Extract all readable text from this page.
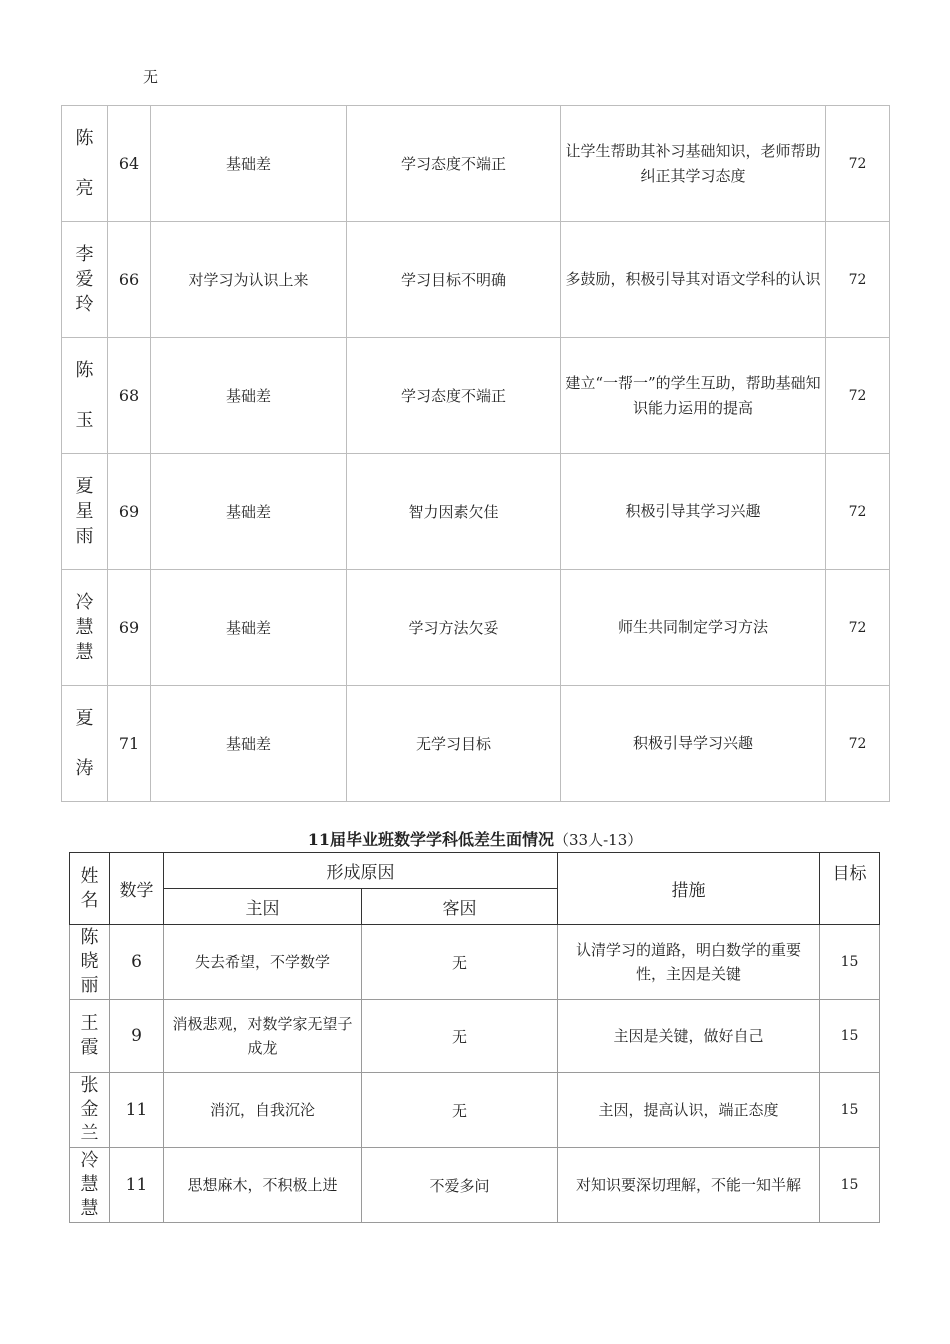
无
陈
亮	64	基础差	学习态度不端正	让学生帮助其补习基础知识，老师帮助纠正其学习态度	72
李
爱
玲	66	对学习为认识上来	学习目标不明确	多鼓励，积极引导其对语文学科的认识	72
陈
玉	68	基础差	学习态度不端正	建立“一帮一”的学生互助，帮助基础知识能力运用的提高	72
夏
星
雨	69	基础差	智力因素欠佳	积极引导其学习兴趣	72
冷
慧
慧	69	基础差	学习方法欠妥	师生共同制定学习方法	72
夏
涛	71	基础差	无学习目标	积极引导学习兴趣	72
11届毕业班数学学科低差生面情况（33人-13）
姓
名	数学	形成原因		措施	目标
		主因	客因		
陈
晓
丽	6	失去希望，不学数学	无	认清学习的道路，明白数学的重要性，主因是关键	15
王
霞	9	消极悲观，对数学家无望子成龙	无	主因是关键，做好自己	15
张
金
兰	11	消沉，自我沉沦	无	主因，提高认识，端正态度	15
冷
慧
慧	11	思想麻木，不积极上进	不爱多问	对知识要深切理解，不能一知半解	15
